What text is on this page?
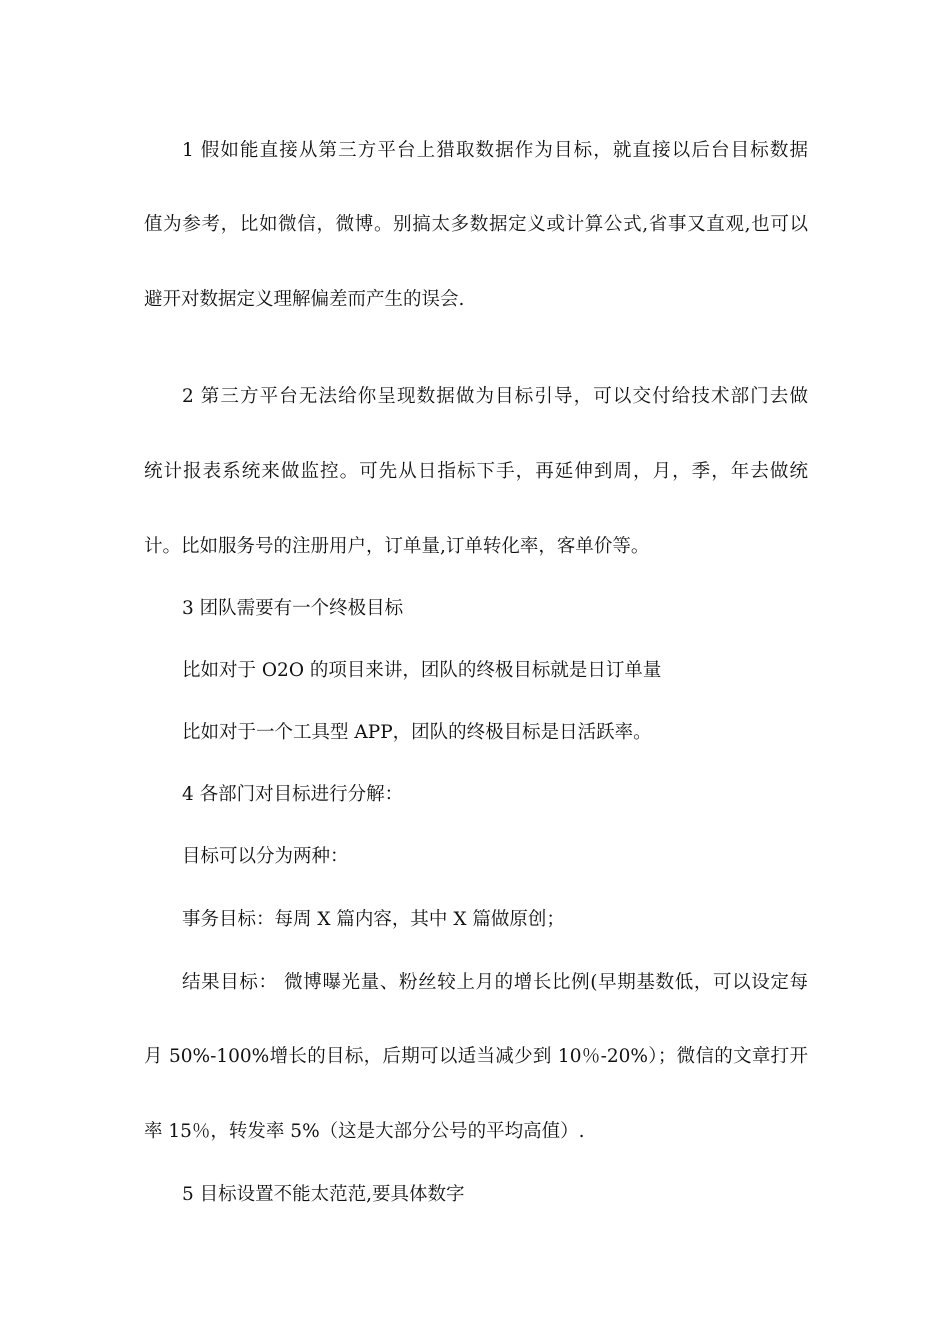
1 假如能直接从第三方平台上猎取数据作为目标，就直接以后台目标数据
值为参考，比如微信，微博。别搞太多数据定义或计算公式,省事又直观,也可以
避开对数据定义理解偏差而产生的误会.
2 第三方平台无法给你呈现数据做为目标引导，可以交付给技术部门去做
统计报表系统来做监控。可先从日指标下手，再延伸到周，月，季，年去做统
计。比如服务号的注册用户，订单量,订单转化率，客单价等。
3 团队需要有一个终极目标
比如对于 O2O 的项目来讲，团队的终极目标就是日订单量
比如对于一个工具型 APP，团队的终极目标是日活跃率。
4 各部门对目标进行分解：
目标可以分为两种：
事务目标：每周 X 篇内容，其中 X 篇做原创；
结果目标： 微博曝光量、粉丝较上月的增长比例(早期基数低，可以设定每
月 50%-100%增长的目标，后期可以适当减少到 10％-20%）；微信的文章打开
率 15％，转发率 5%（这是大部分公号的平均高值）.
5 目标设置不能太范范,要具体数字
